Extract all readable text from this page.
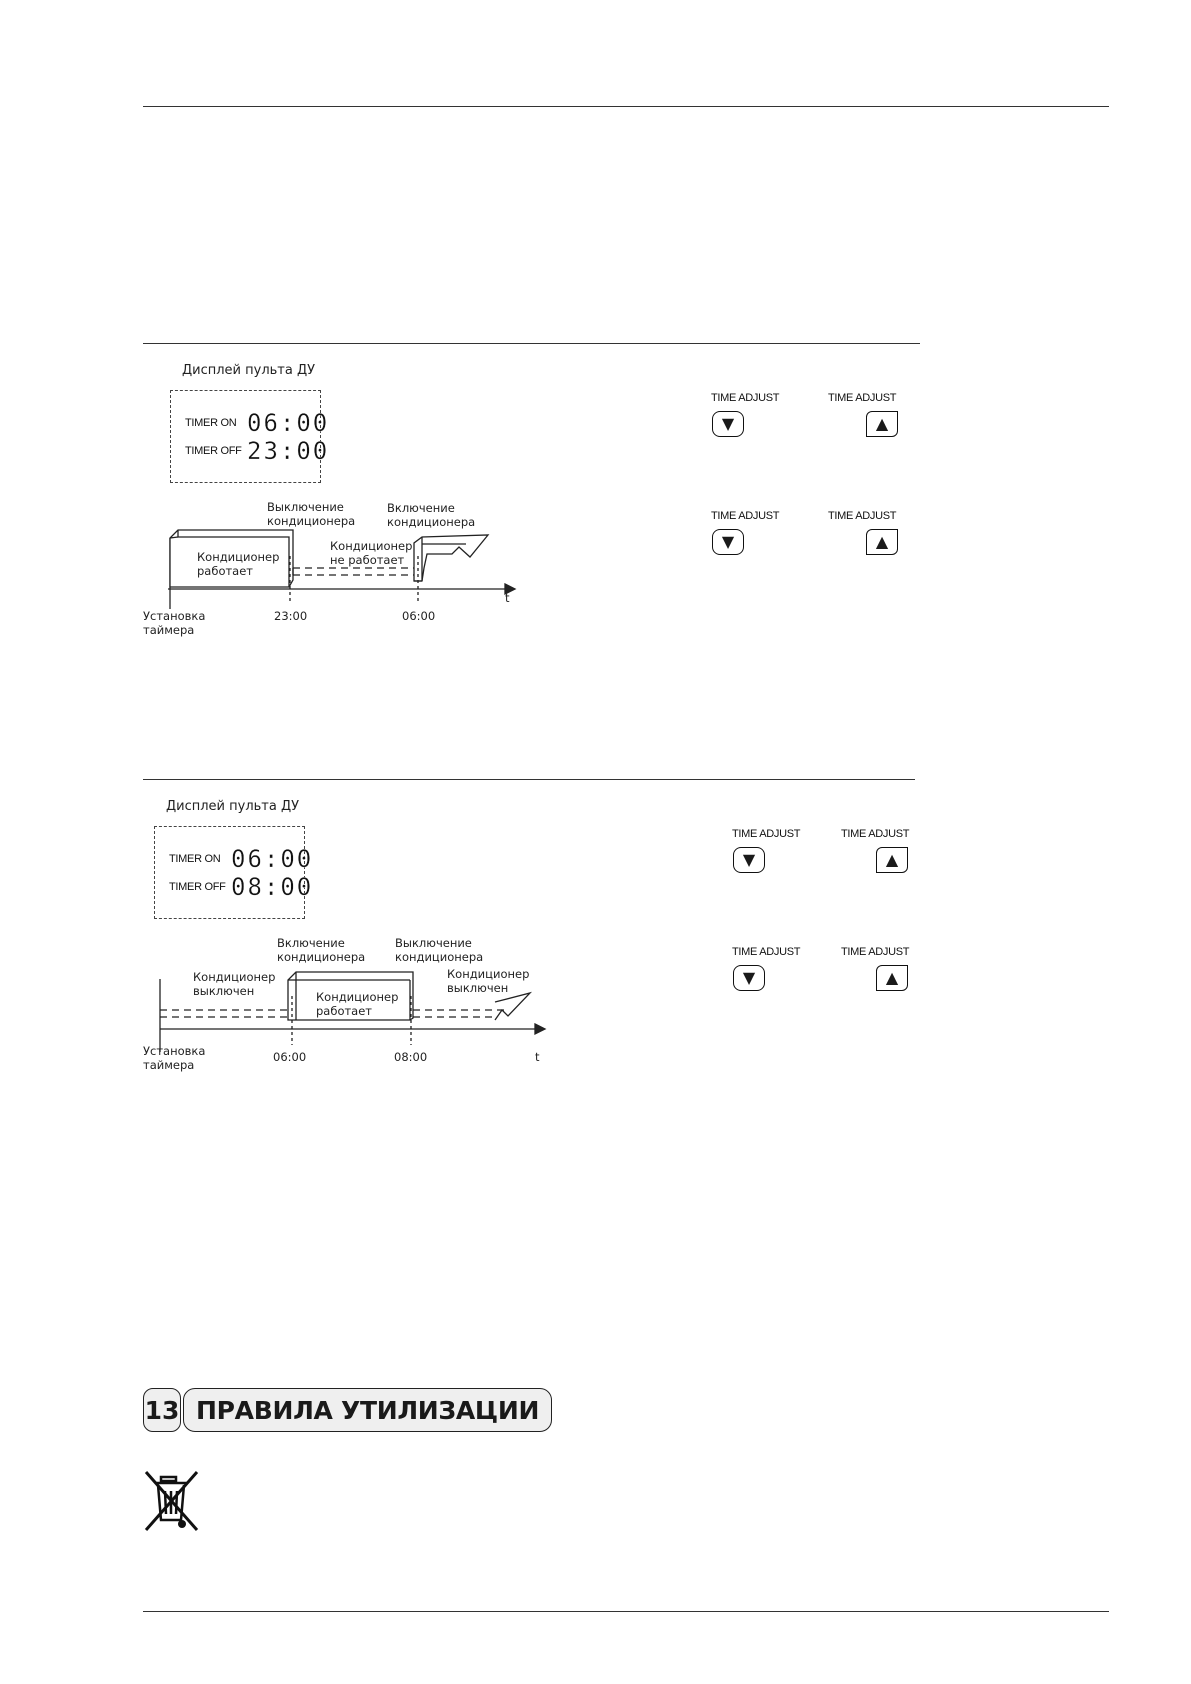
Дисплей пульта ДУ
TIMER ON 06:00
TIMER OFF 23:00
TIME ADJUST
▼
TIME ADJUST
▲
TIME ADJUST
▼
TIME ADJUST
▲
Выключение
кондиционера
Включение
кондиционера
Кондиционер
работает
Кондиционер
не работает
t
Установка
таймера
23:00	06:00
Дисплей пульта ДУ
TIMER ON 06:00
TIMER OFF 08:00
TIME ADJUST
▼
TIME ADJUST
▲
TIME ADJUST
▼
TIME ADJUST
▲
Включение
кондиционера
Выключение
кондиционера
Кондиционер
выключен	Кондиционер
работает
Кондиционер
выключен
t
Установка
таймера
06:00	08:00
13 ПРАВИЛА УТИЛИЗАЦИИ
